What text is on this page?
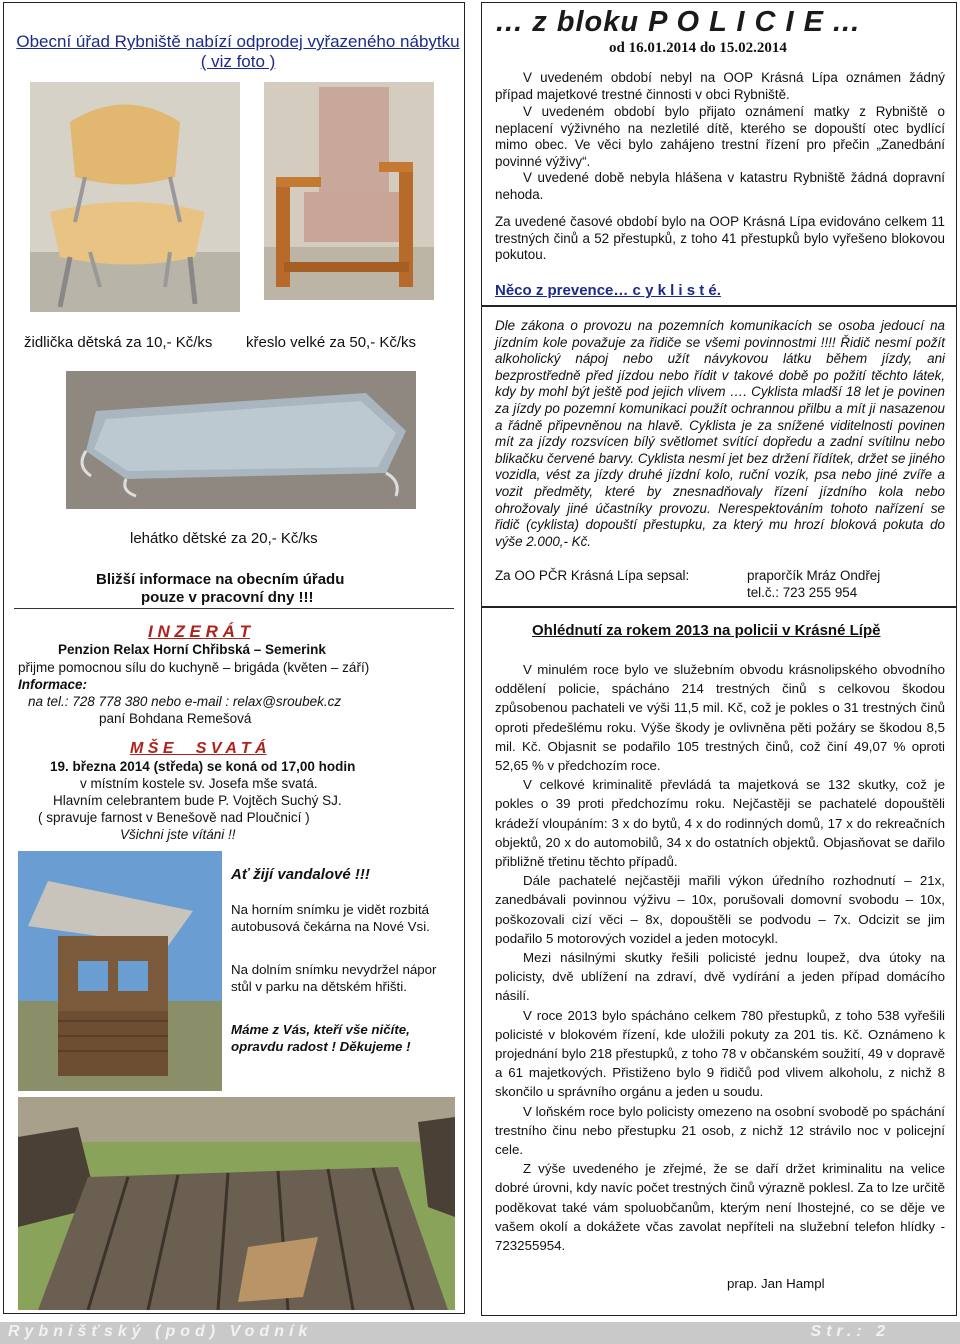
Obecní úřad Rybniště nabízí odprodej vyřazeného nábytku ( viz foto )
židlička dětská za 10,- Kč/ks křeslo velké za 50,- Kč/ks
lehátko dětské za 20,- Kč/ks
Bližší informace na obecním úřadu
pouze v pracovní dny !!!
I N Z E R Á T
Penzion Relax Horní Chřibská – Semerink
přijme pomocnou sílu do kuchyně – brigáda (květen – září)
Informace:
na tel.: 728 778 380 nebo e-mail : relax@sroubek.cz
paní Bohdana Remešová
M Š E     S V A T Á
19. března 2014 (středa) se koná od 17,00 hodin
v místním kostele sv. Josefa mše svatá.
Hlavním celebrantem bude P. Vojtěch Suchý SJ.
( spravuje farnost v Benešově nad Ploučnicí )
Všichni jste vítáni !!
Ať žijí vandalové !!!
Na horním snímku je vidět rozbitá autobusová čekárna na Nové Vsi.
Na dolním snímku nevydržel nápor stůl v parku na dětském hřišti.
Máme z Vás, kteří vše ničíte, opravdu radost ! Děkujeme !
... z bloku P O L I C I E ...
od 16.01.2014 do 15.02.2014

V uvedeném období nebyl na OOP Krásná Lípa oznámen žádný případ majetkové trestné činnosti v obci Rybniště.

V uvedeném období bylo přijato oznámení matky z Rybniště o neplacení výživného na nezletilé dítě, kterého se dopouští otec bydlící mimo obec. Ve věci bylo zahájeno trestní řízení pro přečin „Zanedbání povinné výživy“.

V uvedené době nebyla hlášena v katastru Rybniště žádná dopravní nehoda.

Za uvedené časové období bylo na OOP Krásná Lípa evidováno celkem 11 trestných činů a 52 přestupků, z toho 41 přestupků bylo vyřešeno blokovou pokutou.

Něco z prevence… c y k l i s t é.
Dle zákona o provozu na pozemních komunikacích se osoba jedoucí na jízdním kole považuje za řidiče se všemi povinnostmi !!!! Řidič nesmí požít alkoholický nápoj nebo užít návykovou látku během jízdy, ani bezprostředně před jízdou nebo řídit v takové době po požití těchto látek, kdy by mohl být ještě pod jejich vlivem …. Cyklista mladší 18 let je povinen za jízdy po pozemní komunikaci použít ochrannou přilbu a mít ji nasazenou a řádně připevněnou na hlavě. Cyklista je za snížené viditelnosti povinen mít za jízdy rozsvícen bílý světlomet svítící dopředu a zadní svítilnu nebo blikačku červené barvy. Cyklista nesmí jet bez držení řídítek, držet se jiného vozidla, vést za jízdy druhé jízdní kolo, ruční vozík, psa nebo jiné zvíře a vozit předměty, které by znesnadňovaly řízení jízdního kola nebo ohrožovaly jiné účastníky provozu. Nerespektováním tohoto nařízení se řidič (cyklista) dopouští přestupku, za který mu hrozí bloková pokuta do výše 2.000,- Kč.
Za OO PČR Krásná Lípa sepsal:	praporčík Mráz Ondřej
tel.č.: 723 255 954
Ohlédnutí za rokem 2013 na policii v Krásné Lípě

V minulém roce bylo ve služebním obvodu krásnolipského obvodního oddělení policie, spácháno 214 trestných činů s celkovou škodou způsobenou pachateli ve výši 11,5 mil. Kč, což je pokles o 31 trestných činů oproti předešlému roku. Výše škody je ovlivněna pěti požáry se škodou 8,5 mil. Kč. Objasnit se podařilo 105 trestných činů, což činí 49,07 % oproti 52,65 % v předchozím roce.

V celkové kriminalitě převládá ta majetková se 132 skutky, což je pokles o 39 proti předchozímu roku. Nejčastěji se pachatelé dopouštěli krádeží vloupáním: 3 x do bytů, 4 x do rodinných domů, 17 x do rekreačních objektů, 20 x do automobilů, 34 x do ostatních objektů. Objasňovat se dařilo přibližně třetinu těchto případů.

Dále pachatelé nejčastěji mařili výkon úředního rozhodnutí – 21x, zanedbávali povinnou výživu – 10x, porušovali domovní svobodu – 10x, poškozovali cizí věci – 8x, dopouštěli se podvodu – 7x. Odcizit se jim podařilo 5 motorových vozidel a jeden motocykl.

Mezi násilnými skutky řešili policisté jednu loupež, dva útoky na policisty, dvě ublížení na zdraví, dvě vydírání a jeden případ domácího násilí.

V roce 2013 bylo spácháno celkem 780 přestupků, z toho 538 vyřešili policisté v blokovém řízení, kde uložili pokuty za 201 tis. Kč. Oznámeno k projednání bylo 218 přestupků, z toho 78 v občanském soužití, 49 v dopravě a 61 majetkových. Přistiženo bylo 9 řidičů pod vlivem alkoholu, z nichž 8 skončilo u správního orgánu a jeden u soudu.

V loňském roce bylo policisty omezeno na osobní svobodě po spáchání trestního činu nebo přestupku 21 osob, z nichž 12 strávilo noc v policejní cele.

Z výše uvedeného je zřejmé, že se daří držet kriminalitu na velice dobré úrovni, kdy navíc počet trestných činů výrazně poklesl. Za to lze určitě poděkovat také vám spoluobčanům, kterým není lhostejné, co se děje ve vašem okolí a dokážete včas zavolat nepříteli na služební telefon hlídky - 723255954.

prap. Jan Hampl
Rybnišťský (pod) Vodník	Str.: 2
